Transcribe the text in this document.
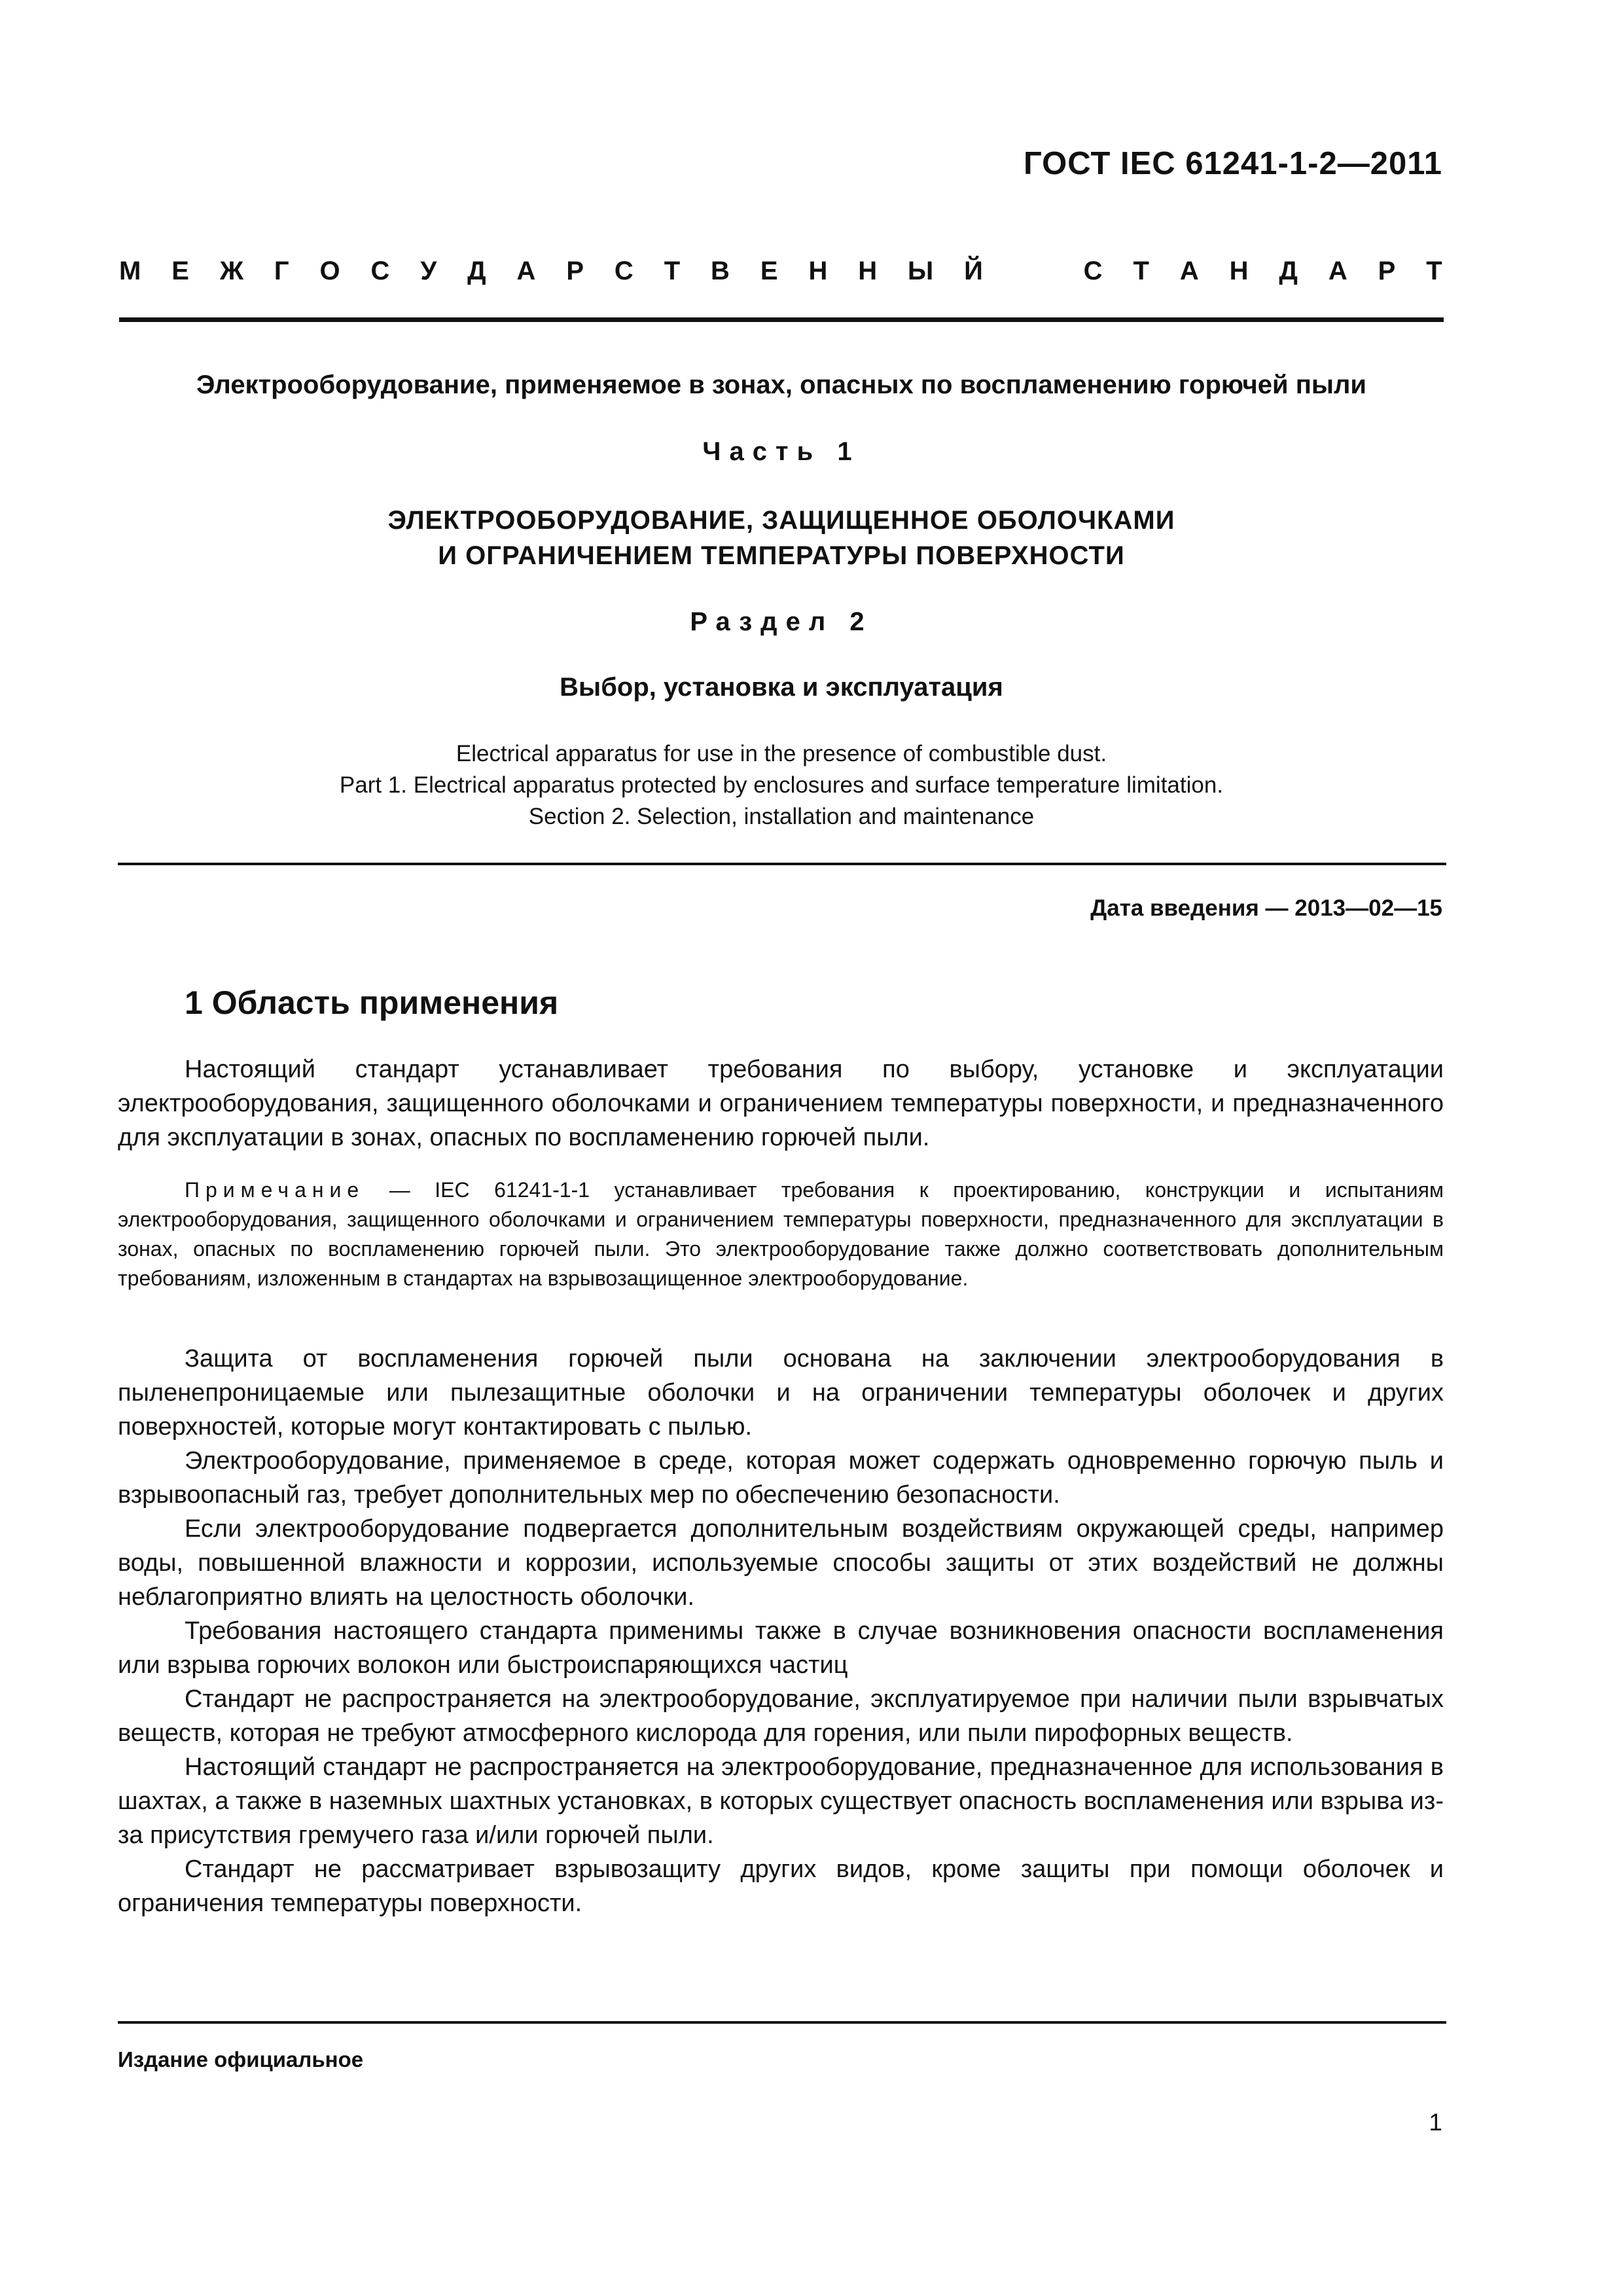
ГОСТ IEC 61241-1-2—2011
М Е Ж Г О С У Д А Р С Т В Е Н Н Ы Й	С Т А Н Д А Р Т
Электрооборудование, применяемое в зонах, опасных по воспламенению горючей пыли
Часть 1
ЭЛЕКТРООБОРУДОВАНИЕ, ЗАЩИЩЕННОЕ ОБОЛОЧКАМИ
И ОГРАНИЧЕНИЕМ ТЕМПЕРАТУРЫ ПОВЕРХНОСТИ
Раздел 2
Выбор, установка и эксплуатация
Electrical apparatus for use in the presence of combustible dust.
Part 1. Electrical apparatus protected by enclosures and surface temperature limitation.
Section 2. Selection, installation and maintenance
Дата введения — 2013—02—15
1 Область применения

Настоящий стандарт устанавливает требования по выбору, установке и эксплуатации электрооборудования, защищенного оболочками и ограничением температуры поверхности, и предназначенного для эксплуатации в зонах, опасных по воспламенению горючей пыли.

Примечание — IEC 61241-1-1 устанавливает требования к проектированию, конструкции и испытаниям электрооборудования, защищенного оболочками и ограничением температуры поверхности, предназначенного для эксплуатации в зонах, опасных по воспламенению горючей пыли. Это электрооборудование также должно соответствовать дополнительным требованиям, изложенным в стандартах на взрывозащищенное электрооборудование.

Защита от воспламенения горючей пыли основана на заключении электрооборудования в пыленепроницаемые или пылезащитные оболочки и на ограничении температуры оболочек и других поверхностей, которые могут контактировать с пылью.

Электрооборудование, применяемое в среде, которая может содержать одновременно горючую пыль и взрывоопасный газ, требует дополнительных мер по обеспечению безопасности.

Если электрооборудование подвергается дополнительным воздействиям окружающей среды, например воды, повышенной влажности и коррозии, используемые способы защиты от этих воздействий не должны неблагоприятно влиять на целостность оболочки.

Требования настоящего стандарта применимы также в случае возникновения опасности воспламенения или взрыва горючих волокон или быстроиспаряющихся частиц

Стандарт не распространяется на электрооборудование, эксплуатируемое при наличии пыли взрывчатых веществ, которая не требуют атмосферного кислорода для горения, или пыли пирофорных веществ.

Настоящий стандарт не распространяется на электрооборудование, предназначенное для использования в шахтах, а также в наземных шахтных установках, в которых существует опасность воспламенения или взрыва из-за присутствия гремучего газа и/или горючей пыли.

Стандарт не рассматривает взрывозащиту других видов, кроме защиты при помощи оболочек и ограничения температуры поверхности.

Издание официальное
1
